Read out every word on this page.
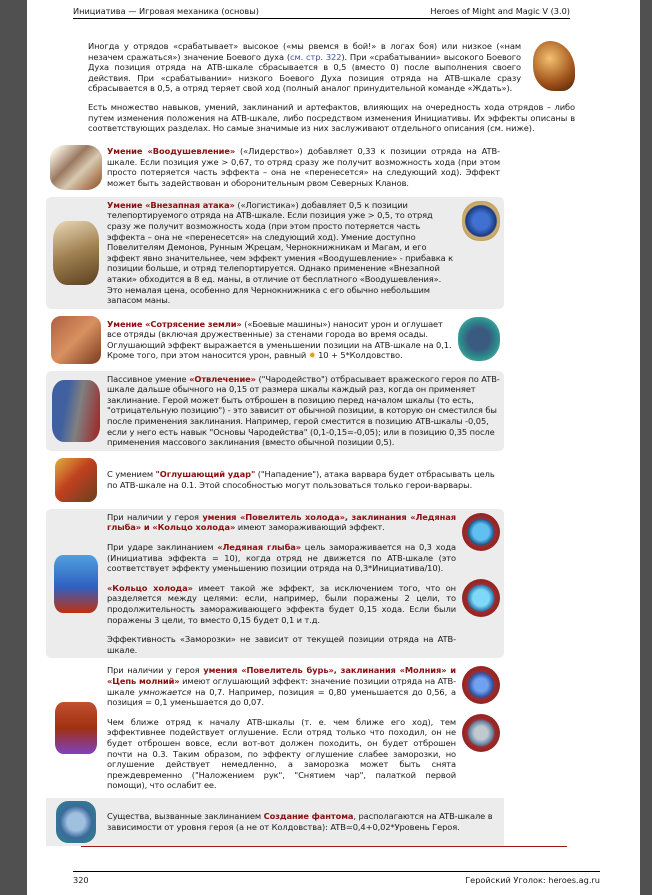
Инициатива — Игровая механика (основы)	Heroes of Might and Magic V (3.0)
Иногда у отрядов «срабатывает» высокое («мы рвемся в бой!» в логах боя) или низкое («нам незачем сражаться») значение Боевого духа (см. стр. 322). При «срабатывании» высокого Боевого Духа позиция отряда на ATB-шкале сбрасывается в 0,5 (вместо 0) после выполнения своего действия. При «срабатывании» низкого Боевого Духа позиция отряда на ATB-шкале сразу сбрасывается в 0,5, а отряд теряет свой ход (полный аналог принудительной команде «Ждать»).
Есть множество навыков, умений, заклинаний и артефактов, влияющих на очередность хода отрядов – либо путем изменения положения на ATB-шкале, либо посредством изменения Инициативы. Их эффекты описаны в соответствующих разделах. Но самые значимые из них заслуживают отдельного описания (см. ниже).
Умение «Воодушевление» («Лидерство») добавляет 0,33 к позиции отряда на ATB-шкале. Если позиция уже > 0,67, то отряд сразу же получит возможность хода (при этом просто потеряется часть эффекта – она не «перенесется» на следующий ход). Эффект может быть задействован и оборонительным рвом Северных Кланов.
Умение «Внезапная атака» («Логистика») добавляет 0,5 к позиции телепортируемого отряда на ATB-шкале. Если позиция уже > 0,5, то отряд сразу же получит возможность хода (при этом просто потеряется часть эффекта – она не «перенесется» на следующий ход). Умение доступно Повелителям Демонов, Рунным Жрецам, Чернокнижникам и Магам, и его эффект явно значительнее, чем эффект умения «Воодушевление» - прибавка к позиции больше, и отряд телепортируется. Однако применение «Внезапной атаки» обходится в 8 ед. маны, в отличие от бесплатного «Воодушевления». Это немалая цена, особенно для Чернокнижника с его обычно небольшим запасом маны.
Умение «Сотрясение земли» («Боевые машины») наносит урон и оглушает все отряды (включая дружественные) за стенами города во время осады. Оглушающий эффект выражается в уменьшении позиции на ATB-шкале на 0,1. Кроме того, при этом наносится урон, равный ✹ 10 + 5*Колдовство.
Пассивное умение «Отвлечение» ("Чародейство") отбрасывает вражеского героя по ATB-шкале дальше обычного на 0,15 от размера шкалы каждый раз, когда он применяет заклинание. Герой может быть отброшен в позицию перед началом шкалы (то есть, "отрицательную позицию") - это зависит от обычной позиции, в которую он сместился бы после применения заклинания. Например, герой сместится в позицию ATB-шкалы -0,05, если у него есть навык "Основы Чародейства" (0,1-0,15=-0,05); или в позицию 0,35 после применения массового заклинания (вместо обычной позиции 0,5).
С умением "Оглушающий удар" ("Нападение"), атака варвара будет отбрасывать цель по ATB-шкале на 0.1. Этой способностью могут пользоваться только герои-варвары.
При наличии у героя умения «Повелитель холода», заклинания «Ледяная глыба» и «Кольцо холода» имеют замораживающий эффект.
При ударе заклинанием «Ледяная глыба» цель замораживается на 0,3 хода (Инициатива эффекта = 10), когда отряд не движется по ATB-шкале (это соответствует эффекту уменьшению позиции отряда на 0,3*Инициатива/10).
«Кольцо холода» имеет такой же эффект, за исключением того, что он разделяется между целями: если, например, были поражены 2 цели, то продолжительность замораживающего эффекта будет 0,15 хода. Если были поражены 3 цели, то вместо 0,15 будет 0,1 и т.д.
Эффективность «Заморозки» не зависит от текущей позиции отряда на ATB-шкале.
При наличии у героя умения «Повелитель бурь», заклинания «Молния» и «Цепь молний» имеют оглушающий эффект: значение позиции отряда на ATB-шкале умножается на 0,7. Например, позиция = 0,80 уменьшается до 0,56, а позиция = 0,1 уменьшается до 0,07.
Чем ближе отряд к началу ATB-шкалы (т. е. чем ближе его ход), тем эффективнее подействует оглушение. Если отряд только что походил, он не будет отброшен вовсе, если вот-вот должен походить, он будет отброшен почти на 0.3. Таким образом, по эффекту оглушение слабее заморозки, но оглушение действует немедленно, а заморозка может быть снята преждевременно ("Наложением рук", "Снятием чар", палаткой первой помощи), что ослабит ее.
Существа, вызванные заклинанием Создание фантома, располагаются на ATB-шкале в зависимости от уровня героя (а не от Колдовства): ATB=0,4+0,02*Уровень Героя.
320	Геройский Уголок: heroes.ag.ru
